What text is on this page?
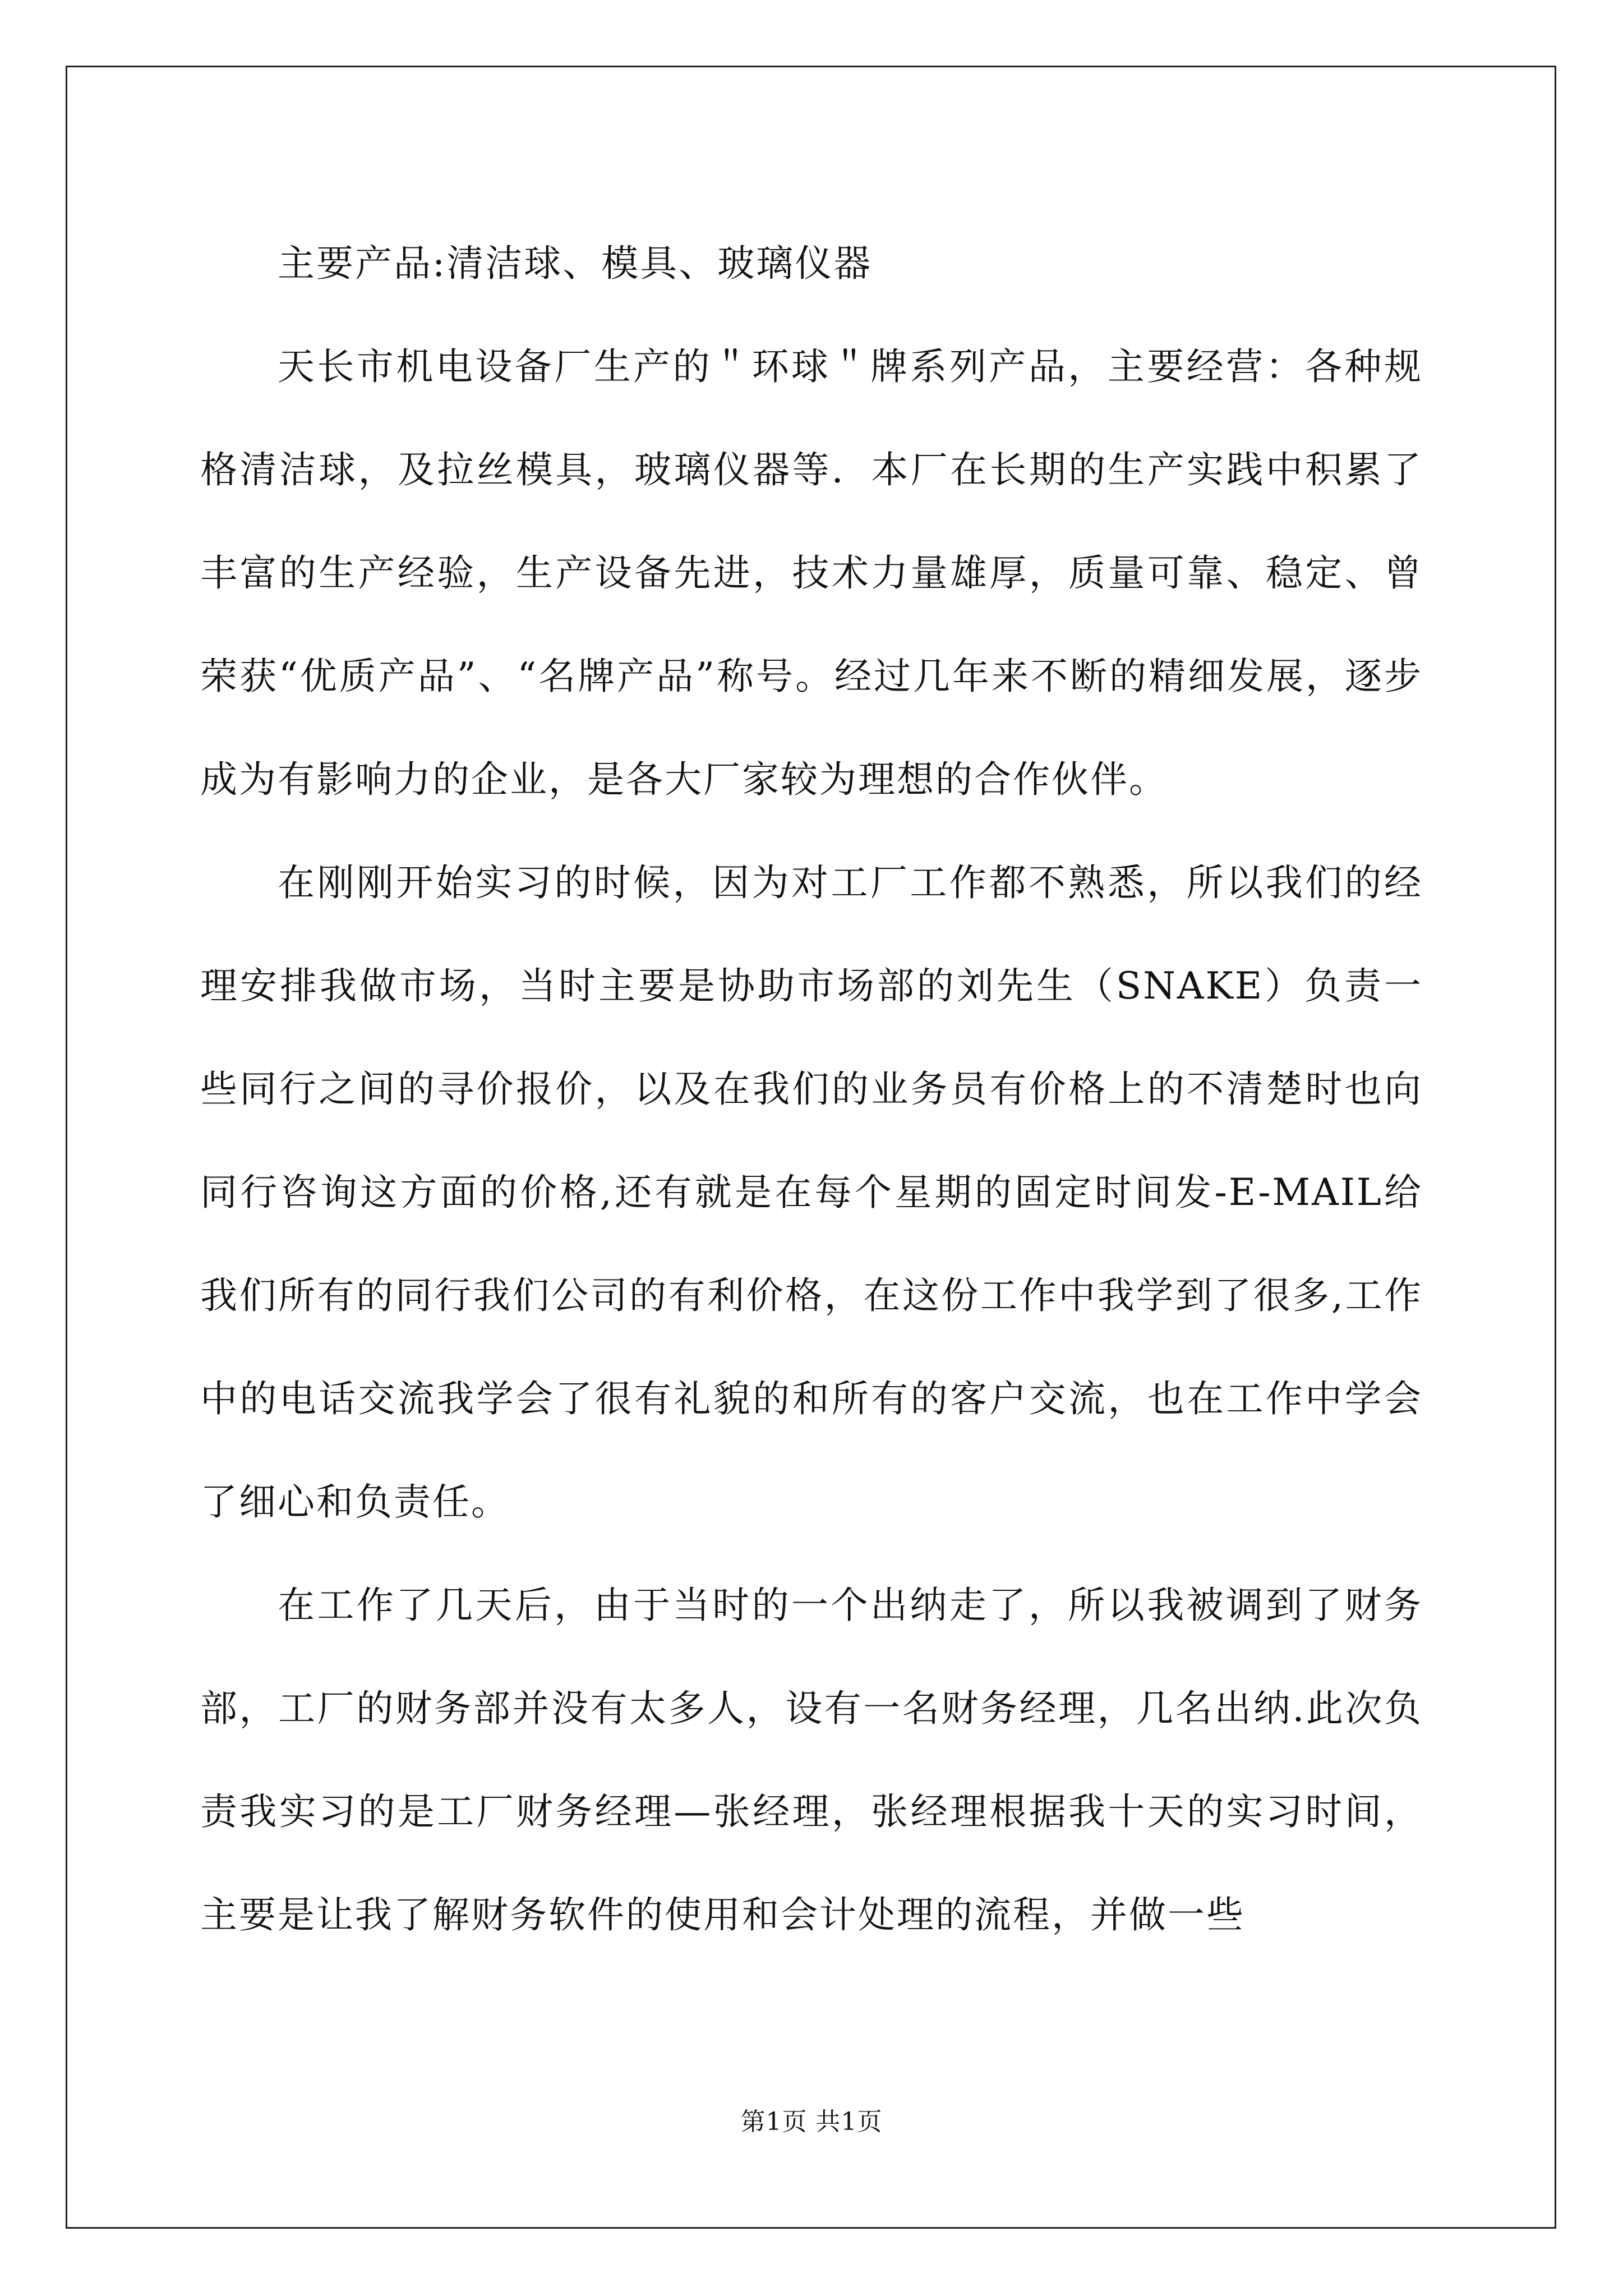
主要产品:清洁球、模具、玻璃仪器

天长市机电设备厂生产的＂环球＂牌系列产品，主要经营：各种规格清洁球，及拉丝模具，玻璃仪器等．本厂在长期的生产实践中积累了丰富的生产经验，生产设备先进，技术力量雄厚，质量可靠、稳定、曾荣获“优质产品”、“名牌产品”称号。经过几年来不断的精细发展，逐步成为有影响力的企业，是各大厂家较为理想的合作伙伴。

在刚刚开始实习的时候，因为对工厂工作都不熟悉，所以我们的经理安排我做市场，当时主要是协助市场部的刘先生（SNAKE）负责一些同行之间的寻价报价，以及在我们的业务员有价格上的不清楚时也向同行咨询这方面的价格,还有就是在每个星期的固定时间发-E-MAIL给我们所有的同行我们公司的有利价格，在这份工作中我学到了很多,工作中的电话交流我学会了很有礼貌的和所有的客户交流，也在工作中学会了细心和负责任。

在工作了几天后，由于当时的一个出纳走了，所以我被调到了财务部，工厂的财务部并没有太多人，设有一名财务经理，几名出纳.此次负责我实习的是工厂财务经理—张经理，张经理根据我十天的实习时间，主要是让我了解财务软件的使用和会计处理的流程，并做一些

第1页 共1页
